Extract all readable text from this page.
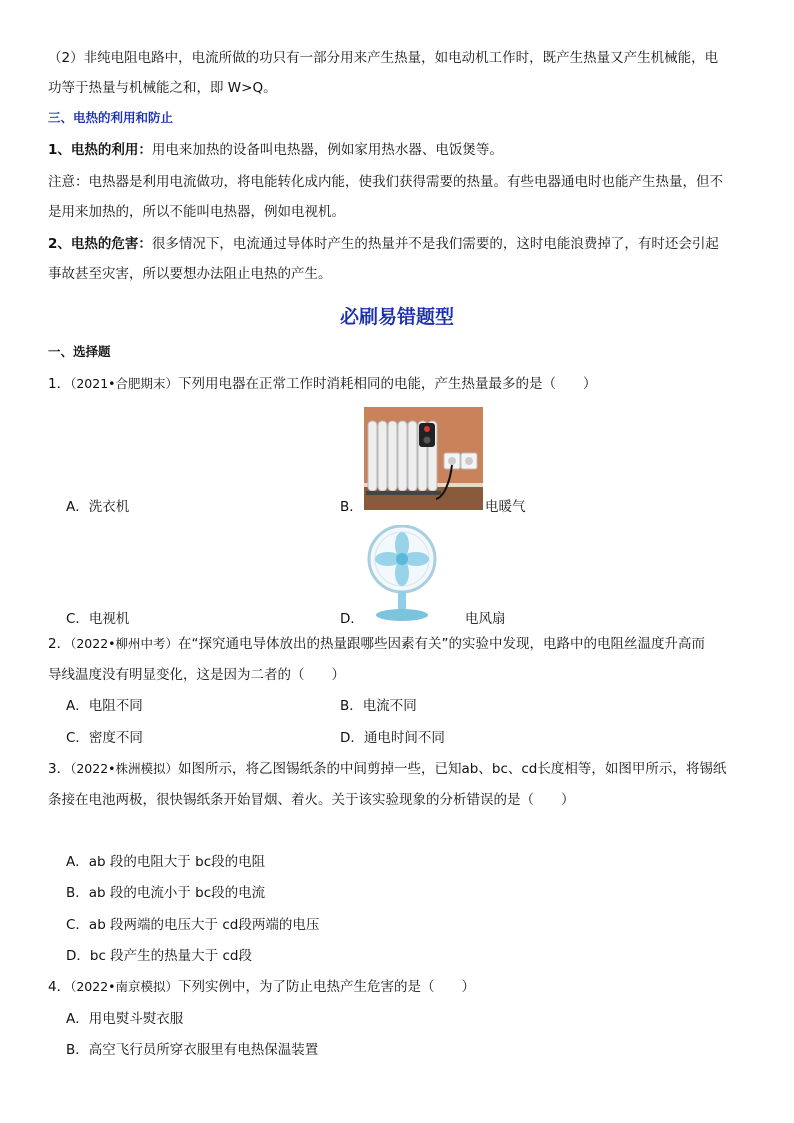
（2）非纯电阻电路中，电流所做的功只有一部分用来产生热量，如电动机工作时，既产生热量又产生机械能，电
功等于热量与机械能之和，即 W>Q。
三、电热的利用和防止
1、电热的利用：用电来加热的设备叫电热器，例如家用热水器、电饭煲等。
注意：电热器是利用电流做功，将电能转化成内能，使我们获得需要的热量。有些电器通电时也能产生热量，但不
是用来加热的，所以不能叫电热器，例如电视机。
2、电热的危害：很多情况下，电流通过导体时产生的热量并不是我们需要的，这时电能浪费掉了，有时还会引起
事故甚至灾害，所以要想办法阻止电热的产生。
必刷易错题型
一、选择题
1．（2021•合肥期末）下列用电器在正常工作时消耗相同的电能，产生热量最多的是（　　）
A．洗衣机	B．	电暖气
C．电视机	D．	电风扇
2．（2022•柳州中考）在“探究通电导体放出的热量跟哪些因素有关”的实验中发现，电路中的电阻丝温度升高而
导线温度没有明显变化，这是因为二者的（　　）
A．电阻不同	B．电流不同
C．密度不同	D．通电时间不同
3．（2022•株洲模拟）如图所示，将乙图锡纸条的中间剪掉一些，已知ab、bc、cd长度相等，如图甲所示，将锡纸
条接在电池两极，很快锡纸条开始冒烟、着火。关于该实验现象的分析错误的是（　　）
A．ab 段的电阻大于 bc段的电阻
B．ab 段的电流小于 bc段的电流
C．ab 段两端的电压大于 cd段两端的电压
D．bc 段产生的热量大于 cd段
4．（2022•南京模拟）下列实例中，为了防止电热产生危害的是（　　）
A．用电熨斗熨衣服
B．高空飞行员所穿衣服里有电热保温装置
